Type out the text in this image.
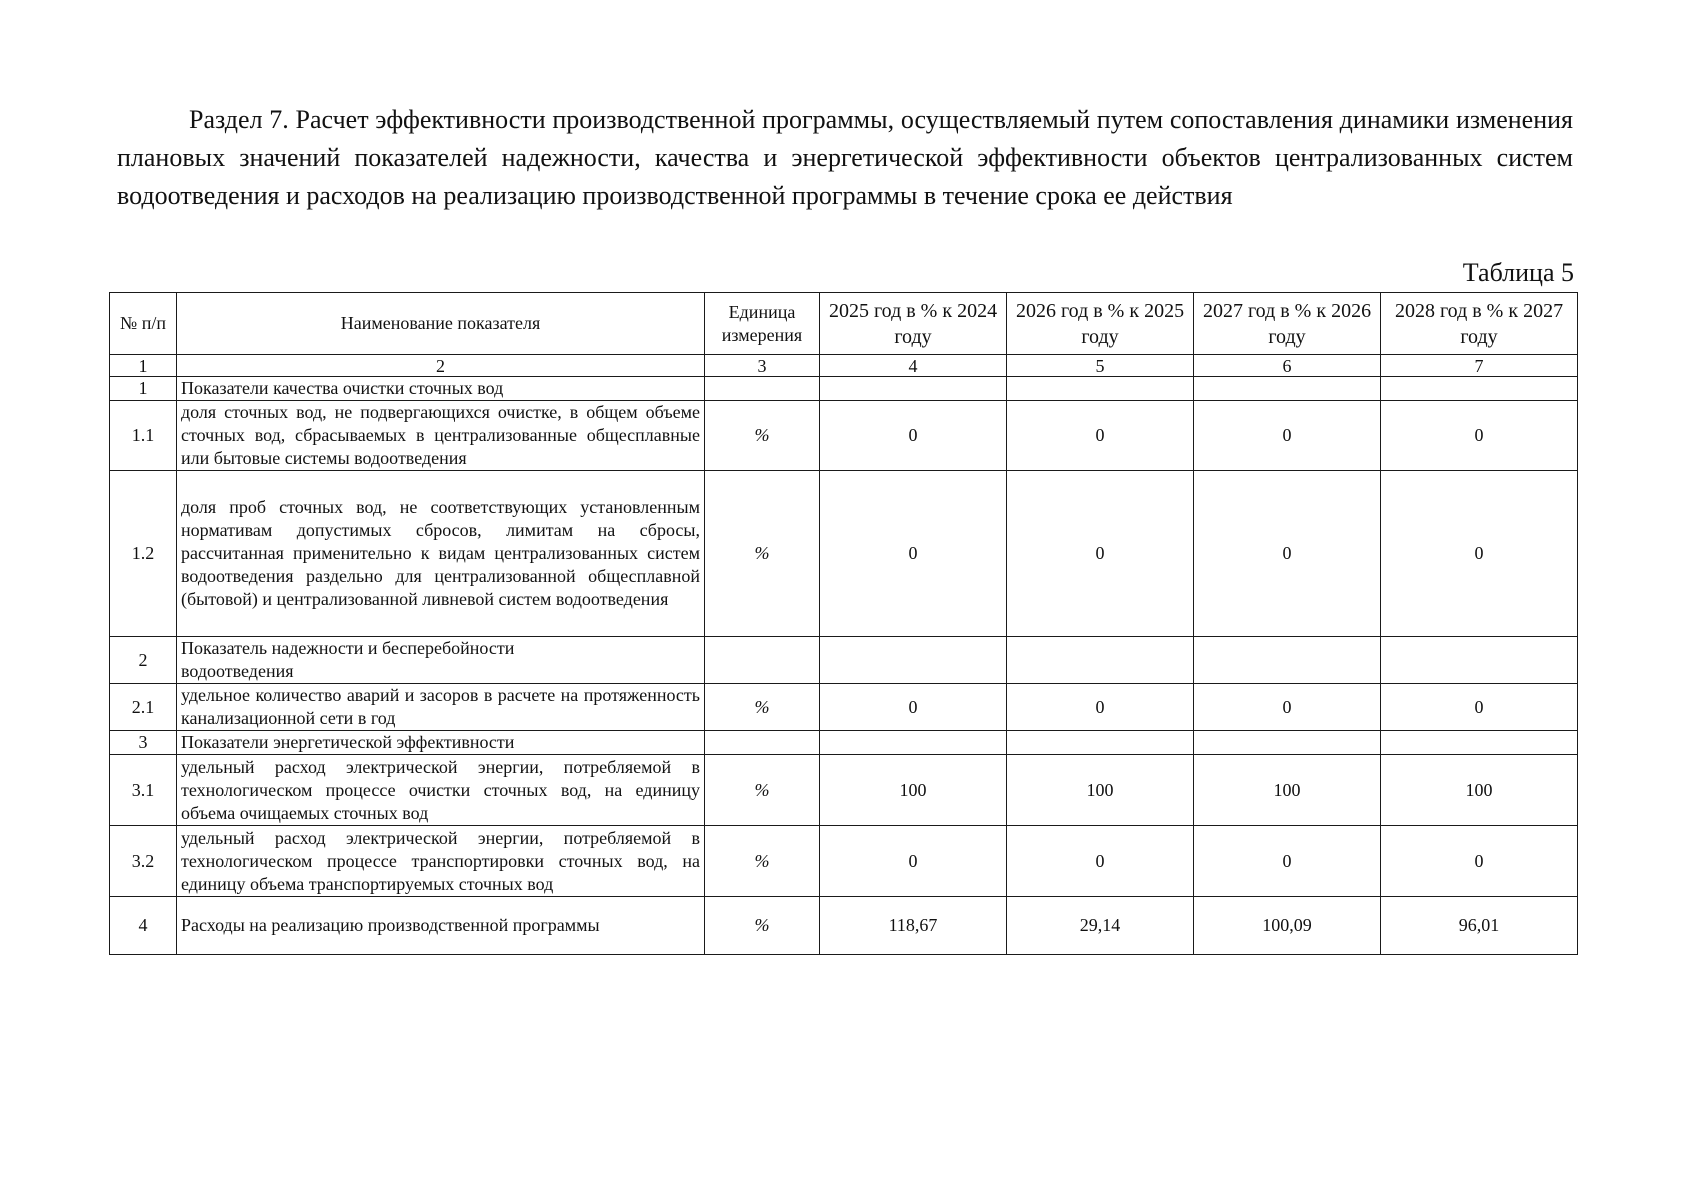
Раздел 7. Расчет эффективности производственной программы, осуществляемый путем сопоставления динамики изменения плановых значений показателей надежности, качества и энергетической эффективности объектов централизованных систем водоотведения и расходов на реализацию производственной программы в течение срока ее действия

Таблица 5

№ п/п	Наименование показателя	Единица измерения	2025 год в % к 2024 году	2026 год в % к 2025 году	2027 год в % к 2026 году	2028 год в % к 2027 году
1	2	3	4	5	6	7
1	Показатели качества очистки сточных вод					
1.1	доля сточных вод, не подвергающихся очистке, в общем объеме сточных вод, сбрасываемых в централизованные общесплавные или бытовые системы водоотведения	%	0	0	0	0
1.2	доля проб сточных вод, не соответствующих установленным нормативам допустимых сбросов, лимитам на сбросы, рассчитанная применительно к видам централизованных систем водоотведения раздельно для централизованной общесплавной (бытовой) и централизованной ливневой систем водоотведения	%	0	0	0	0
2	Показатель надежности и бесперебойности водоотведения					
2.1	удельное количество аварий и засоров в расчете на протяженность канализационной сети в год	%	0	0	0	0
3	Показатели энергетической эффективности					
3.1	удельный расход электрической энергии, потребляемой в технологическом процессе очистки сточных вод, на единицу объема очищаемых сточных вод	%	100	100	100	100
3.2	удельный расход электрической энергии, потребляемой в технологическом процессе транспортировки сточных вод, на единицу объема транспортируемых сточных вод	%	0	0	0	0
4	Расходы на реализацию производственной программы	%	118,67	29,14	100,09	96,01
